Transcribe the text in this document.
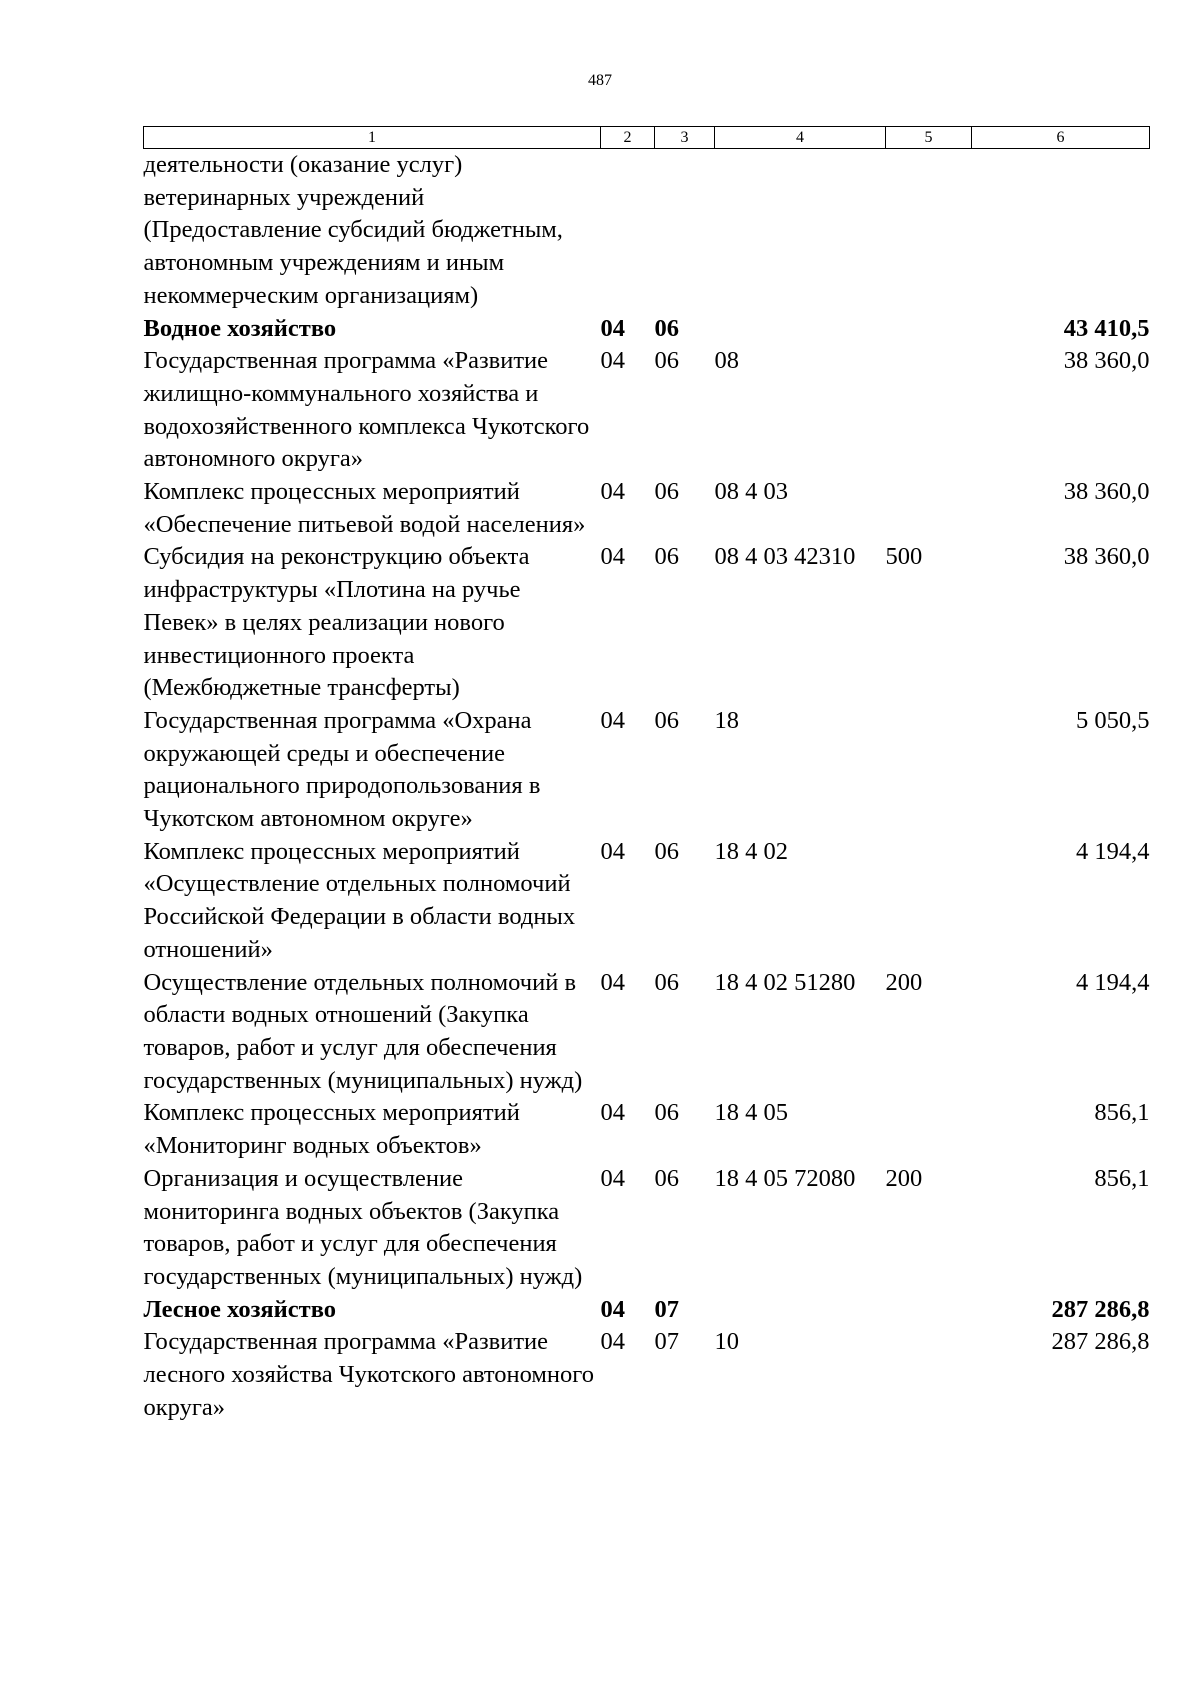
487
1	2	3	4	5	6
деятельности (оказание услуг) ветеринарных учреждений (Предоставление субсидий бюджетным, автономным учреждениям и иным некоммерческим организациям)					
Водное хозяйство	04	06			43 410,5
Государственная программа «Развитие жилищно-коммунального хозяйства и водохозяйственного комплекса Чукотского автономного округа»	04	06	08		38 360,0
Комплекс процессных мероприятий «Обеспечение питьевой водой населения»	04	06	08 4 03		38 360,0
Субсидия на реконструкцию объекта инфраструктуры «Плотина на ручье Певек» в целях реализации нового инвестиционного проекта (Межбюджетные трансферты)	04	06	08 4 03 42310	500	38 360,0
Государственная программа «Охрана окружающей среды и обеспечение рационального природопользования в Чукотском автономном округе»	04	06	18		5 050,5
Комплекс процессных мероприятий «Осуществление отдельных полномочий Российской Федерации в области водных отношений»	04	06	18 4 02		4 194,4
Осуществление отдельных полномочий в области водных отношений (Закупка товаров, работ и услуг для обеспечения государственных (муниципальных) нужд)	04	06	18 4 02 51280	200	4 194,4
Комплекс процессных мероприятий «Мониторинг водных объектов»	04	06	18 4 05		856,1
Организация и осуществление мониторинга водных объектов (Закупка товаров, работ и услуг для обеспечения государственных (муниципальных) нужд)	04	06	18 4 05 72080	200	856,1
Лесное хозяйство	04	07			287 286,8
Государственная программа «Развитие лесного хозяйства Чукотского автономного округа»	04	07	10		287 286,8
